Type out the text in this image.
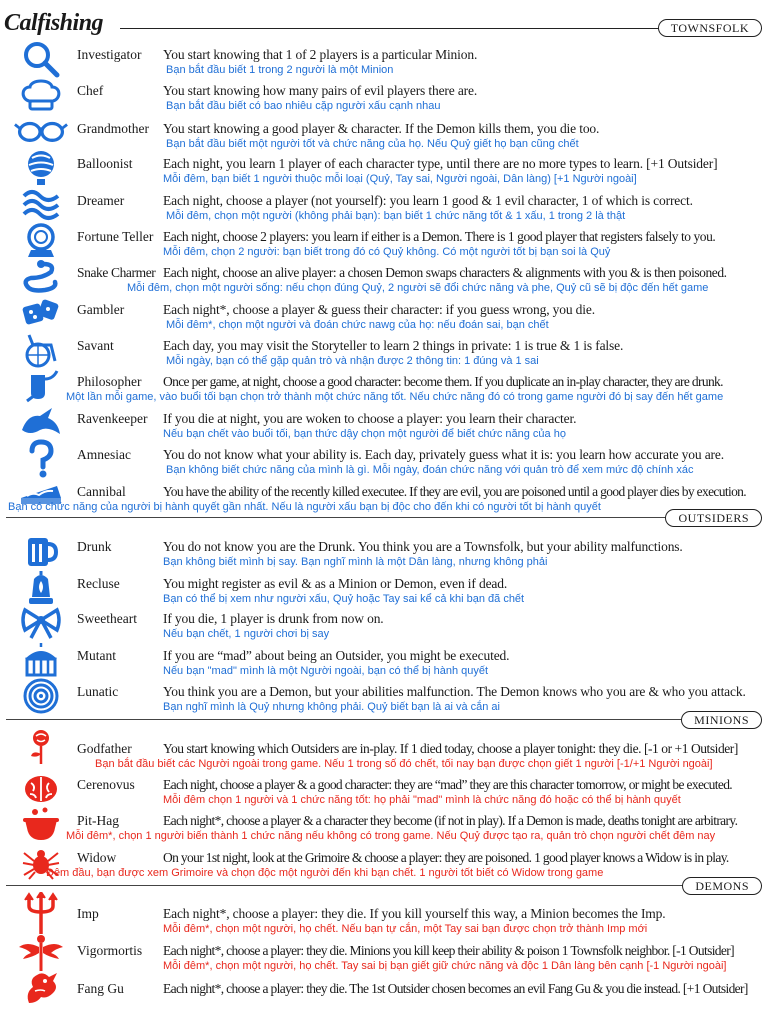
Calfishing	TOWNSFOLK
OUTSIDERS
MINIONS
DEMONS
Investigator You start knowing that 1 of 2 players is a particular Minion.
Bạn bắt đầu biết 1 trong 2 người là một Minion
Chef	You start knowing how many pairs of evil players there are.
Bạn bắt đầu biết có bao nhiêu cặp người xấu cạnh nhau
Grandmother You start knowing a good player & character. If the Demon kills them, you die too.
Bạn bắt đầu biết một người tốt và chức năng của họ. Nếu Quỷ giết họ bạn cũng chết
Balloonist Each night, you learn 1 player of each character type, until there are no more types to learn. [+1 Outsider]
Mỗi đêm, bạn biết 1 người thuộc mỗi loại (Quỷ, Tay sai, Người ngoài, Dân làng) [+1 Người ngoài]
Dreamer	Each night, choose a player (not yourself): you learn 1 good & 1 evil character, 1 of which is correct.
Mỗi đêm, chọn một người (không phải bạn): bạn biết 1 chức năng tốt & 1 xấu, 1 trong 2 là thật
Fortune Teller Each night, choose 2 players: you learn if either is a Demon. There is 1 good player that registers falsely to you.
Mỗi đêm, chọn 2 người: bạn biết trong đó có Quỷ không. Có một người tốt bị bạn soi là Quỷ
Snake Charmer Each night, choose an alive player: a chosen Demon swaps characters & alignments with you & is then poisoned.
Mỗi đêm, chọn một người sống: nếu chọn đúng Quỷ, 2 người sẽ đổi chức năng và phe, Quỷ cũ sẽ bị độc đến hết game
Gambler	Each night*, choose a player & guess their character: if you guess wrong, you die.
Mỗi đêm*, chọn một người và đoán chức nawg của họ: nếu đoán sai, bạn chết
Savant	Each day, you may visit the Storyteller to learn 2 things in private: 1 is true & 1 is false.
Mỗi ngày, bạn có thể gặp quản trò và nhận được 2 thông tin: 1 đúng và 1 sai
Philosopher Once per game, at night, choose a good character: become them. If you duplicate an in-play character, they are drunk.
Một lần mỗi game, vào buổi tối bạn chọn trở thành một chức năng tốt. Nếu chức năng đó có trong game người đó bị say đến hết game
Ravenkeeper If you die at night, you are woken to choose a player: you learn their character.
Nếu bạn chết vào buổi tối, bạn thức dậy chọn một người để biết chức năng của họ
Amnesiac You do not know what your ability is. Each day, privately guess what it is: you learn how accurate you are.
Bạn không biết chức năng của mình là gì. Mỗi ngày, đoán chức năng với quản trò để xem mức độ chính xác
Cannibal	You have the ability of the recently killed executee. If they are evil, you are poisoned until a good player dies by execution.
Bạn có chức năng của người bị hành quyết gần nhất. Nếu là người xấu bạn bị độc cho đến khi có người tốt bị hành quyết
Drunk	You do not know you are the Drunk. You think you are a Townsfolk, but your ability malfunctions.
Bạn không biết mình bị say. Bạn nghĩ mình là một Dân làng, nhưng không phải
Recluse	You might register as evil & as a Minion or Demon, even if dead.
Bạn có thể bị xem như người xấu, Quỷ hoặc Tay sai kể cả khi bạn đã chết
Sweetheart If you die, 1 player is drunk from now on.
Nếu bạn chết, 1 người chơi bị say
Mutant	If you are “mad” about being an Outsider, you might be executed.
Nếu bạn "mad" mình là một Người ngoài, bạn có thể bị hành quyết
Lunatic	You think you are a Demon, but your abilities malfunction. The Demon knows who you are & who you attack.
Bạn nghĩ mình là Quỷ nhưng không phải. Quỷ biết bạn là ai và cắn ai
Godfather You start knowing which Outsiders are in-play. If 1 died today, choose a player tonight: they die. [-1 or +1 Outsider]
Bạn bắt đầu biết các Người ngoài trong game. Nếu 1 trong số đó chết, tối nay bạn được chọn giết 1 người [-1/+1 Người ngoài]
Cerenovus Each night, choose a player & a good character: they are “mad” they are this character tomorrow, or might be executed.
Mỗi đêm chọn 1 người và 1 chức năng tốt: họ phải "mad" mình là chức năng đó hoặc có thể bị hành quyết
Pit-Hag	Each night*, choose a player & a character they become (if not in play). If a Demon is made, deaths tonight are arbitrary.
Mỗi đêm*, chọn 1 người biến thành 1 chức năng nếu không có trong game. Nếu Quỷ được tạo ra, quản trò chọn người chết đêm nay
Widow	On your 1st night, look at the Grimoire & choose a player: they are poisoned. 1 good player knows a Widow is in play.
Đêm đầu, bạn được xem Grimoire và chọn độc một người đến khi bạn chết. 1 người tốt biết có Widow trong game
Imp	Each night*, choose a player: they die. If you kill yourself this way, a Minion becomes the Imp.
Mỗi đêm*, chọn một người, họ chết. Nếu bạn tự cắn, một Tay sai bạn được chọn trở thành Imp mới
Vigormortis Each night*, choose a player: they die. Minions you kill keep their ability & poison 1 Townsfolk neighbor. [-1 Outsider]
Mỗi đêm*, chọn một người, họ chết. Tay sai bị bạn giết giữ chức năng và độc 1 Dân làng bên cạnh [-1 Người ngoài]
Fang Gu	Each night*, choose a player: they die. The 1st Outsider chosen becomes an evil Fang Gu & you die instead. [+1 Outsider]
